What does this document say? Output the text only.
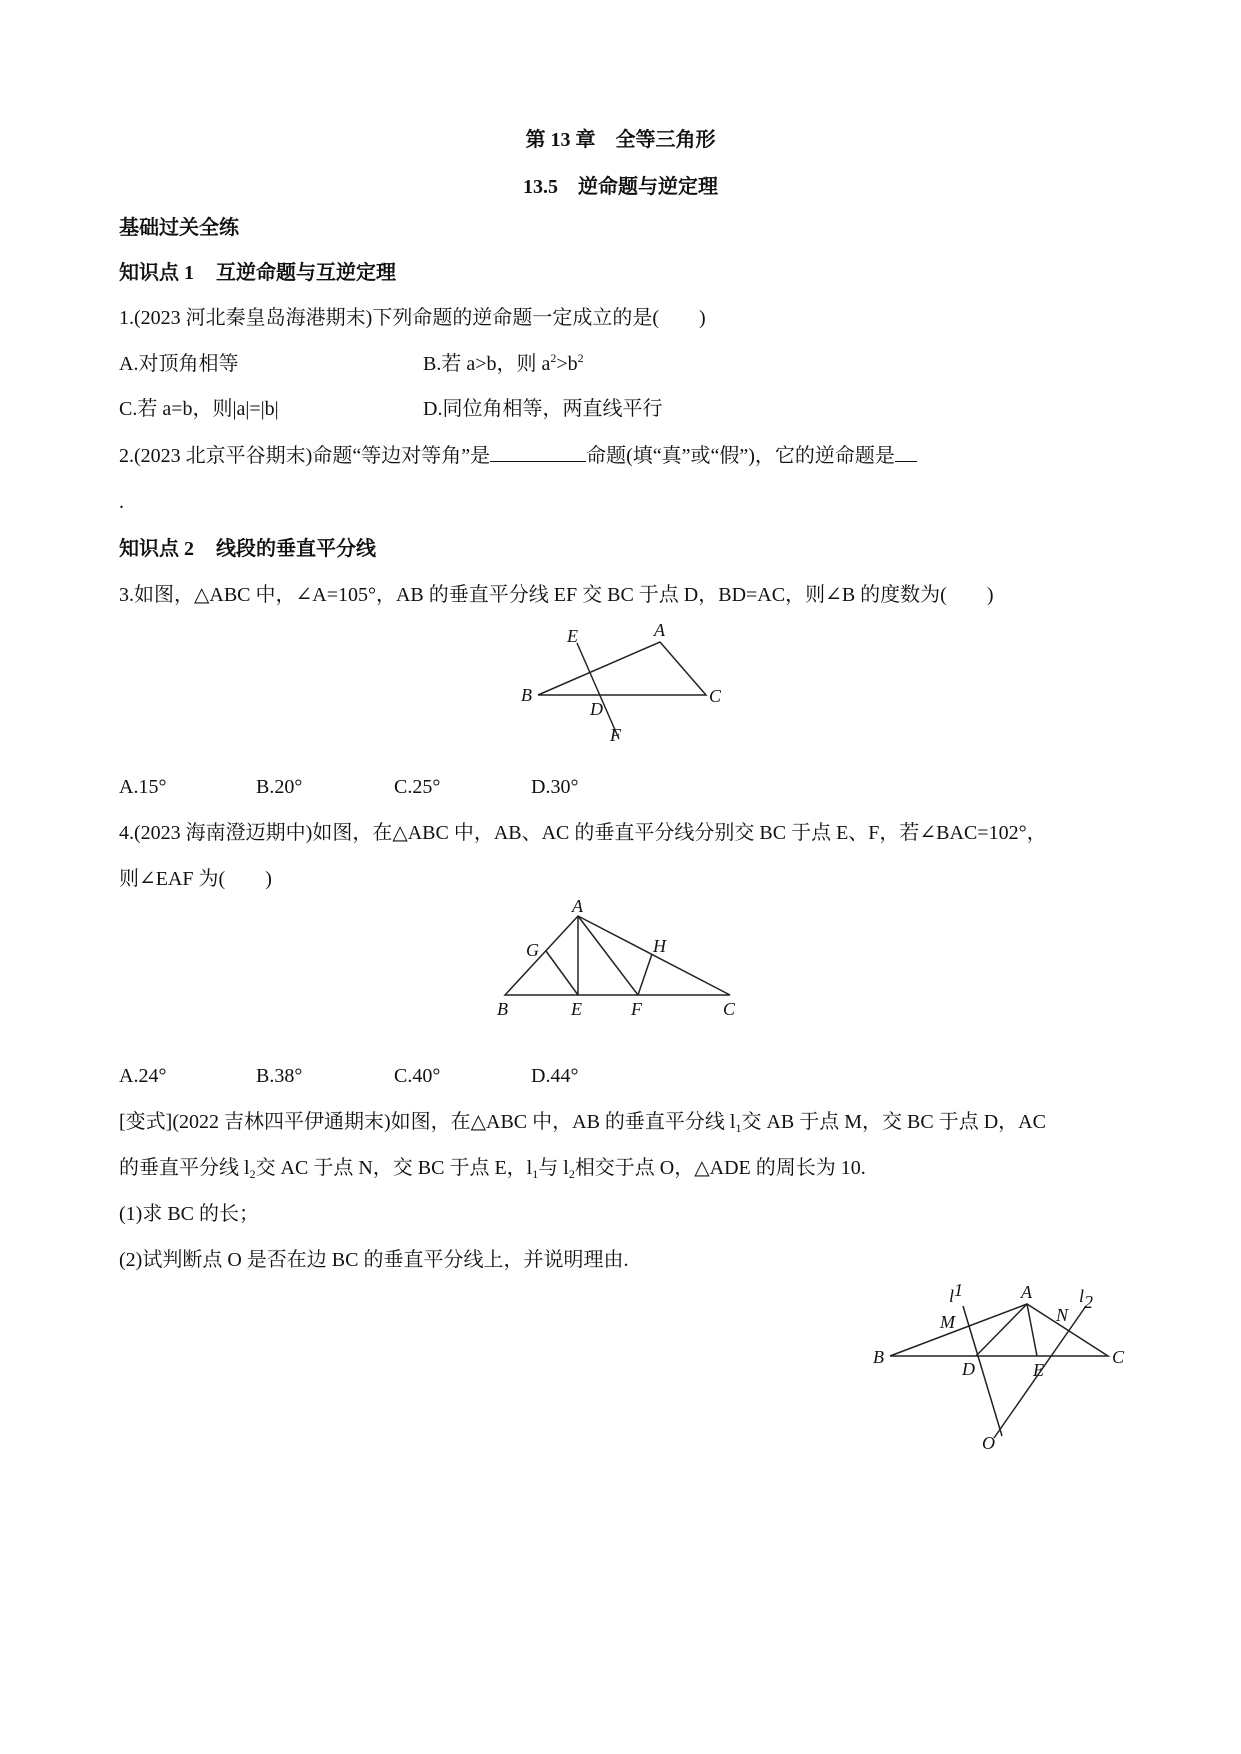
第 13 章　全等三角形
13.5　逆命题与逆定理
基础过关全练
知识点 1 互逆命题与互逆定理
1.(2023 河北秦皇岛海港期末)下列命题的逆命题一定成立的是(　　)
A.对顶角相等	B.若 a>b，则 $a^2>b^2$
C.若 a=b，则|a|=|b|	D.同位角相等，两直线平行
2.(2023 北京平谷期末)命题“等边对等角”是	命题(填“真”或“假”)，它的逆命题是
.
知识点 2 线段的垂直平分线
3.如图，△ABC 中，∠A=105°，AB 的垂直平分线 EF 交 BC 于点 D，BD=AC，则∠B 的度数为(　　)
E	A
B
D
C
F
A.15°	B.20°	C.25°	D.30°
4.(2023 海南澄迈期中)如图，在△ABC 中，AB、AC 的垂直平分线分别交 BC 于点 E、F，若∠BAC=102°，
则∠EAF 为(　　)
A
G	H
B	E	F	C
A.24°	B.38°	C.40°	D.44°
[变式](2022 吉林四平伊通期末)如图，在△ABC 中，AB 的垂直平分线 $l_1$交 AB 于点 M，交 BC 于点 D，AC
的垂直平分线 $l_2$交 AC 于点 N，交 BC 于点 E，$l_1$与 $l_2$相交于点 O，△ADE 的周长为 10.
(1)求 BC 的长；
(2)试判断点 O 是否在边 BC 的垂直平分线上，并说明理由.
l1	A	l2
M	N
B
D	E
C
O
